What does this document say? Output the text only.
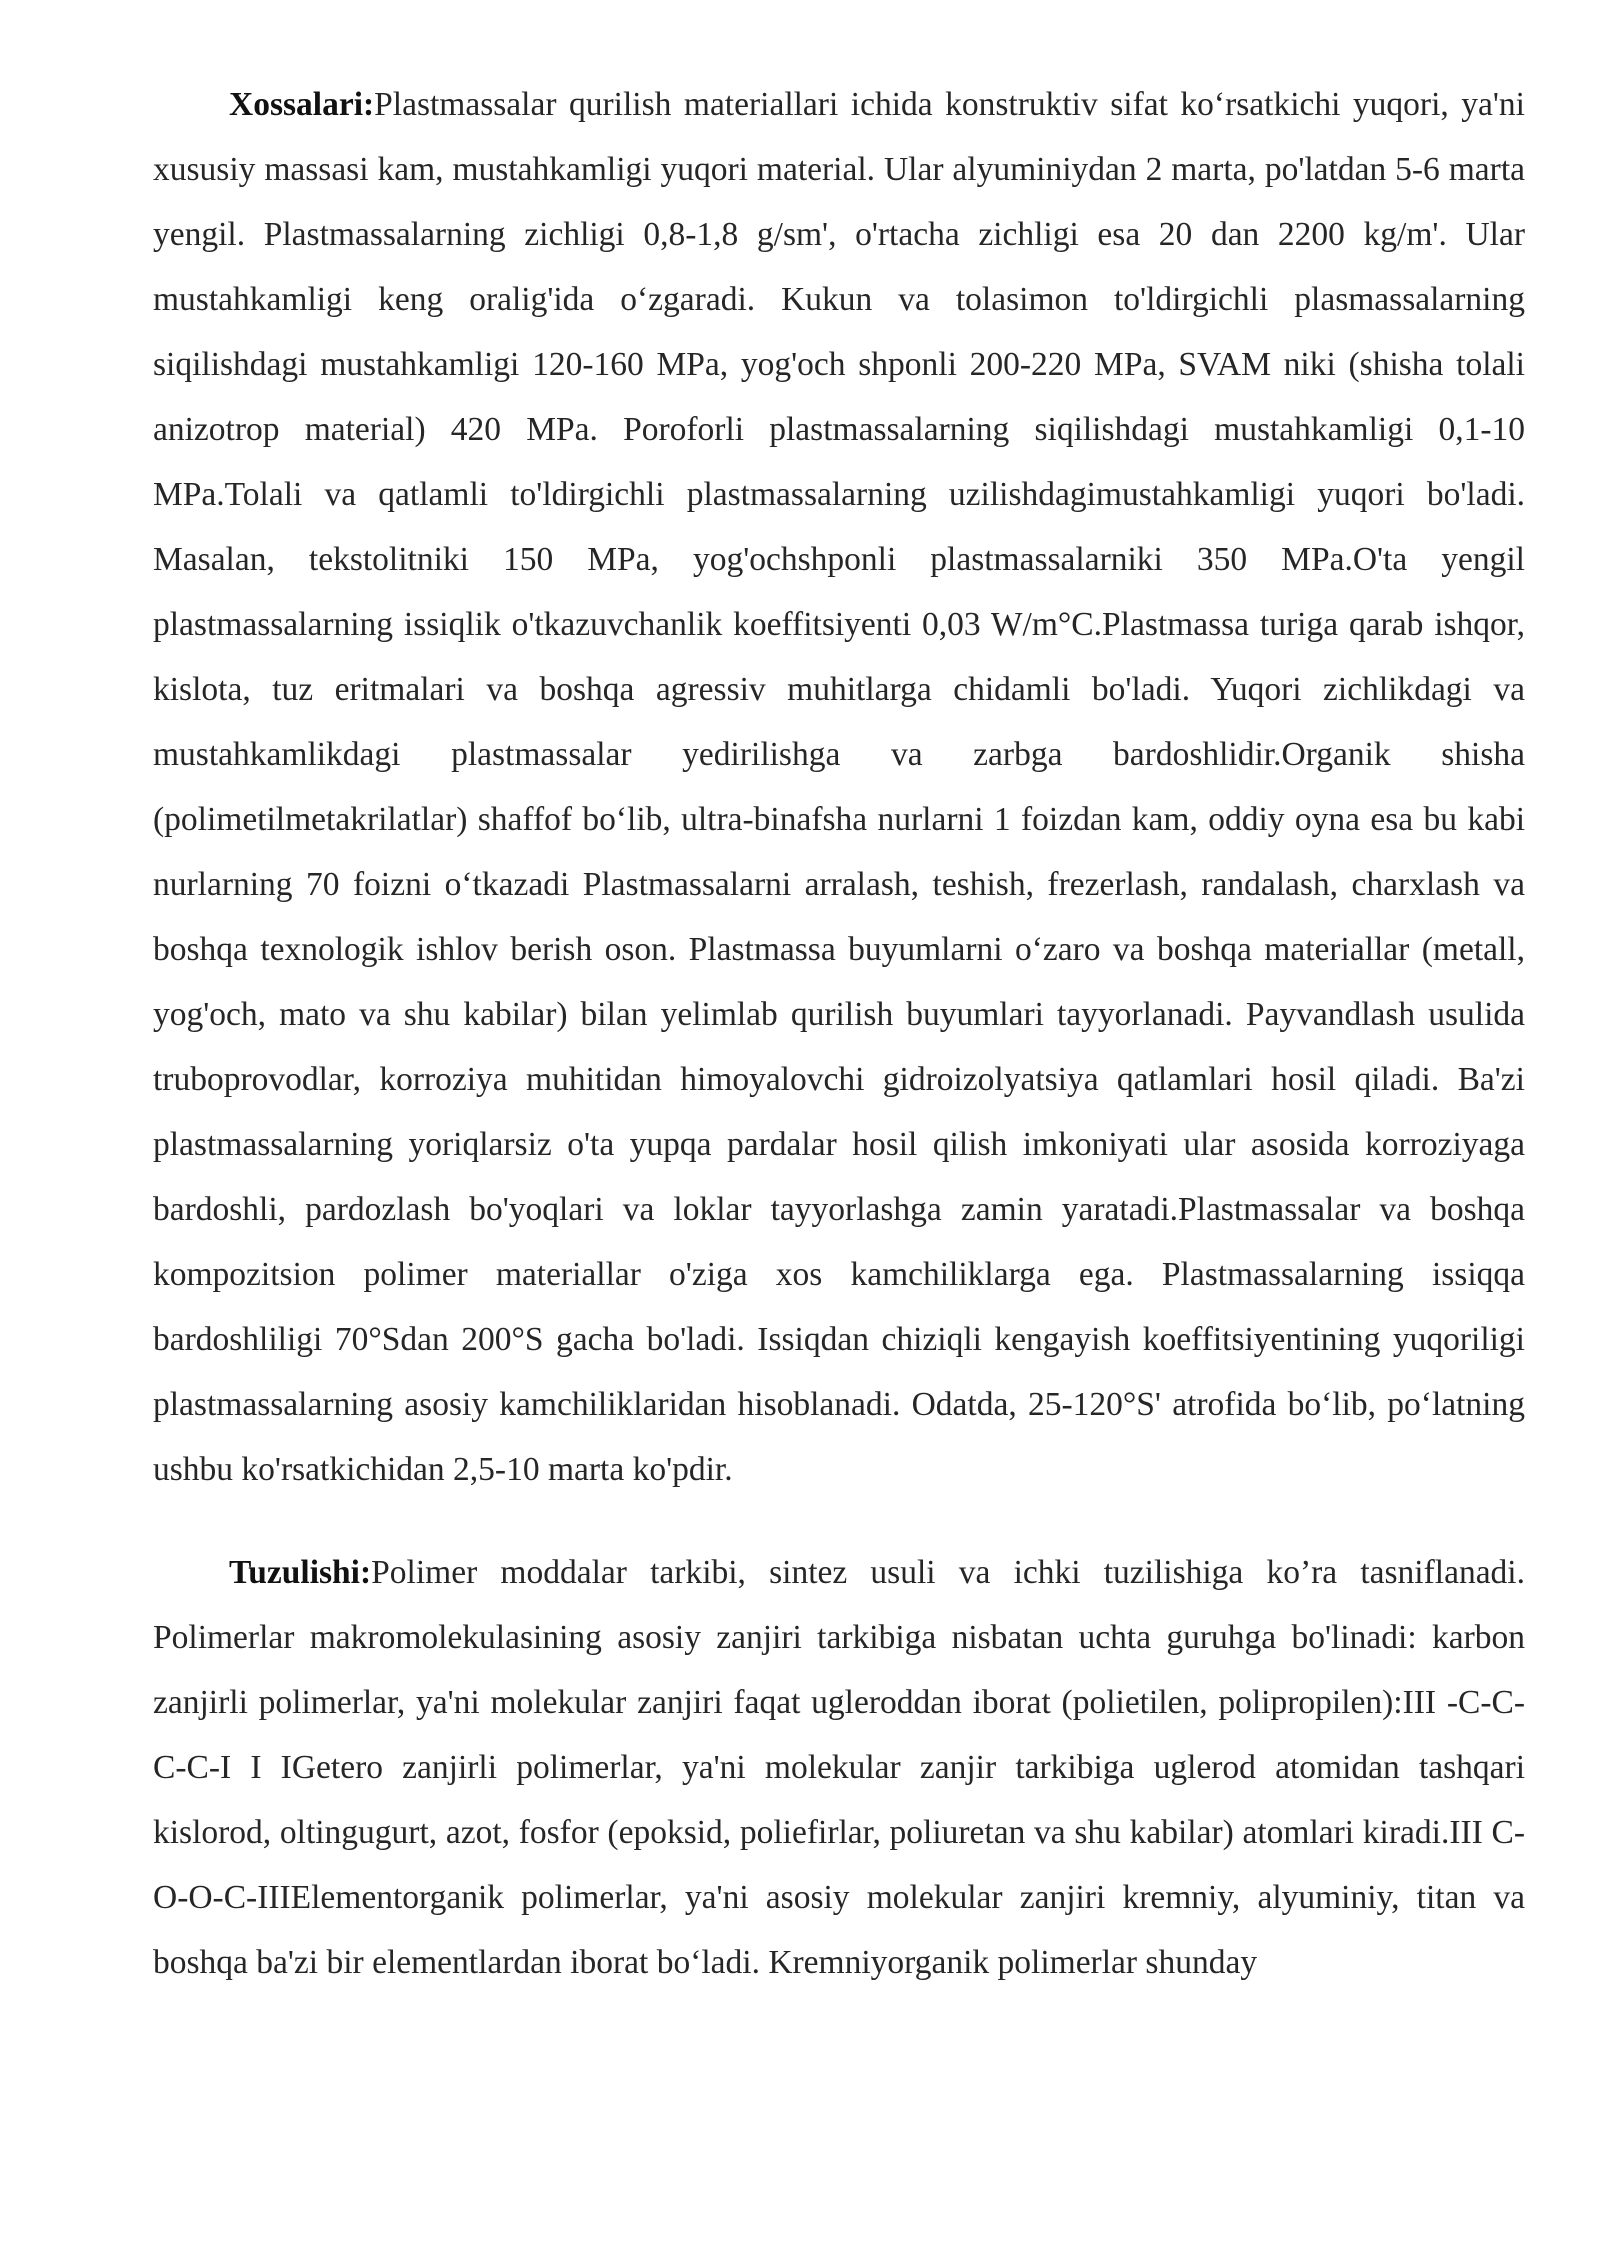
Xossalari:Plastmassalar qurilish materiallari ichida konstruktiv sifat koʻrsatkichi yuqori, ya'ni xususiy massasi kam, mustahkamligi yuqori material. Ular alyuminiydan 2 marta, po'latdan 5-6 marta yengil. Plastmassalarning zichligi 0,8-1,8 g/sm', o'rtacha zichligi esa 20 dan 2200 kg/m'. Ular mustahkamligi keng oralig'ida oʻzgaradi. Kukun va tolasimon to'ldirgichli plasmassalarning siqilishdagi mustahkamligi 120-160 MPa, yog'och shponli 200-220 MPa, SVAM niki (shisha tolali anizotrop material) 420 MPa. Poroforli plastmassalarning siqilishdagi mustahkamligi 0,1-10 MPa.Tolali va qatlamli to'ldirgichli plastmassalarning uzilishdagimustahkamligi yuqori bo'ladi. Masalan, tekstolitniki 150 MPa, yog'ochshponli plastmassalarniki 350 MPa.O'ta yengil plastmassalarning issiqlik o'tkazuvchanlik koeffitsiyenti 0,03 W/m°C.Plastmassa turiga qarab ishqor, kislota, tuz eritmalari va boshqa agressiv muhitlarga chidamli bo'ladi. Yuqori zichlikdagi va mustahkamlikdagi plastmassalar yedirilishga va zarbga bardoshlidir.Organik shisha (polimetilmetakrilatlar) shaffof boʻlib, ultra-binafsha nurlarni 1 foizdan kam, oddiy oyna esa bu kabi nurlarning 70 foizni oʻtkazadi Plastmassalarni arralash, teshish, frezerlash, randalash, charxlash va boshqa texnologik ishlov berish oson. Plastmassa buyumlarni oʻzaro va boshqa materiallar (metall, yog'och, mato va shu kabilar) bilan yelimlab qurilish buyumlari tayyorlanadi. Payvandlash usulida truboprovodlar, korroziya muhitidan himoyalovchi gidroizolyatsiya qatlamlari hosil qiladi. Ba'zi plastmassalarning yoriqlarsiz o'ta yupqa pardalar hosil qilish imkoniyati ular asosida korroziyaga bardoshli, pardozlash bo'yoqlari va loklar tayyorlashga zamin yaratadi.Plastmassalar va boshqa kompozitsion polimer materiallar o'ziga xos kamchiliklarga ega. Plastmassalarning issiqqa bardoshliligi 70°Sdan 200°S gacha bo'ladi. Issiqdan chiziqli kengayish koeffitsiyentining yuqoriligi plastmassalarning asosiy kamchiliklaridan hisoblanadi. Odatda, 25-120°S' atrofida boʻlib, poʻlatning ushbu ko'rsatkichidan 2,5-10 marta ko'pdir.

Tuzulishi:Polimer moddalar tarkibi, sintez usuli va ichki tuzilishiga ko’ra tasniflanadi. Polimerlar makromolekulasining asosiy zanjiri tarkibiga nisbatan uchta guruhga bo'linadi: karbon zanjirli polimerlar, ya'ni molekular zanjiri faqat ugleroddan iborat (polietilen, polipropilen):III -C-C-C-C-I I IGetero zanjirli polimerlar, ya'ni molekular zanjir tarkibiga uglerod atomidan tashqari kislorod, oltingugurt, azot, fosfor (epoksid, poliefirlar, poliuretan va shu kabilar) atomlari kiradi.III C-O-O-C-IIIElementorganik polimerlar, ya'ni asosiy molekular zanjiri kremniy, alyuminiy, titan va boshqa ba'zi bir elementlardan iborat boʻladi. Kremniyorganik polimerlar shunday
